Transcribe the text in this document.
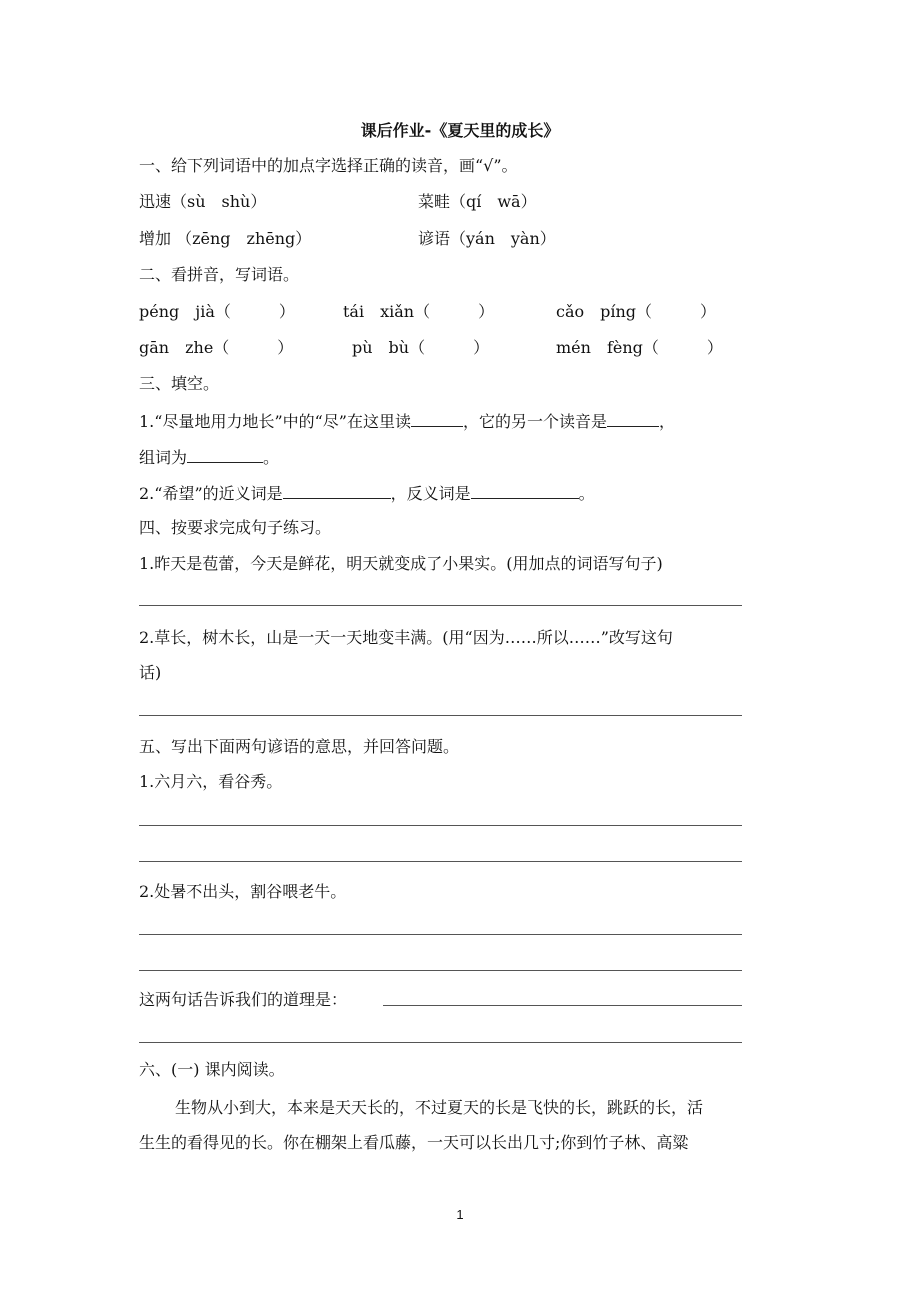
课后作业-《夏天里的成长》
一、给下列词语中的加点字选择正确的读音，画“√”。
迅速（sù　shù）	菜畦（qí　wā）
增加 （zēng　zhēng）	谚语（yán　yàn）
二、看拼音，写词语。
péng　jià（　　　）	tái　xiǎn（　　　）	cǎo　píng（　　　）
gān　zhe（　　　）	pù　bù（　　　）	mén　fèng（　　　）
三、填空。
1.“尽量地用力地长”中的“尽”在这里读	，它的另一个读音是	，
组词为	。
2.“希望”的近义词是	，反义词是	。
四、按要求完成句子练习。
1.昨天是苞蕾，今天是鲜花，明天就变成了小果实。(用加点的词语写句子)
2.草长，树木长，山是一天一天地变丰满。(用“因为……所以……”改写这句
话)
五、写出下面两句谚语的意思，并回答问题。
1.六月六，看谷秀。
2.处暑不出头，割谷喂老牛。
这两句话告诉我们的道理是：
六、(一) 课内阅读。
生物从小到大，本来是天天长的，不过夏天的长是飞快的长，跳跃的长，活
生生的看得见的长。你在棚架上看瓜藤，一天可以长出几寸;你到竹子林、高粱
1
